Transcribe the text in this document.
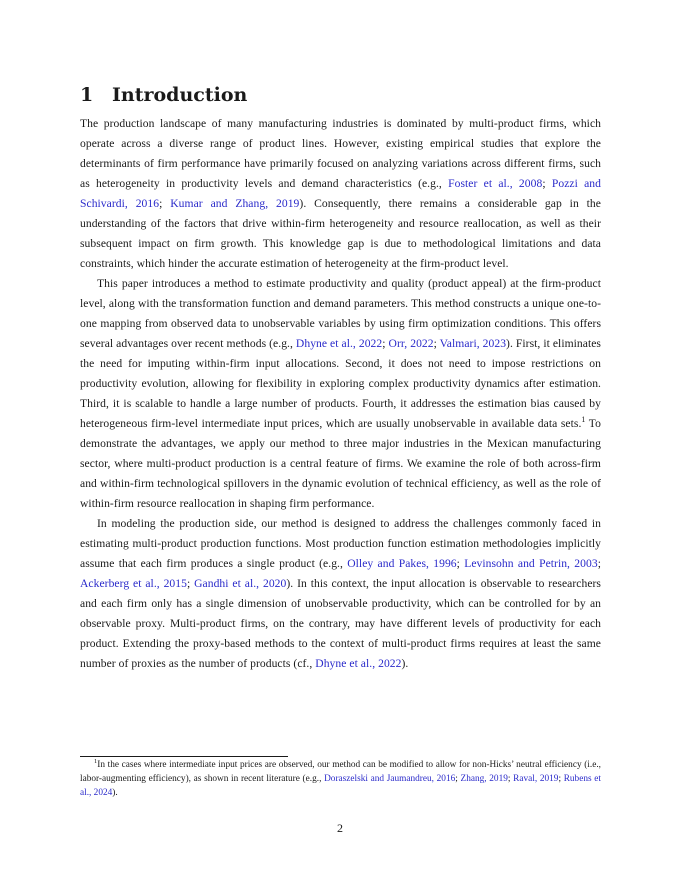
1 Introduction

The production landscape of many manufacturing industries is dominated by multi-product firms, which operate across a diverse range of product lines. However, existing empirical studies that explore the determinants of firm performance have primarily focused on analyzing variations across different firms, such as heterogeneity in productivity levels and demand characteristics (e.g., Foster et al., 2008; Pozzi and Schivardi, 2016; Kumar and Zhang, 2019). Consequently, there remains a considerable gap in the understanding of the factors that drive within-firm heterogeneity and resource reallocation, as well as their subsequent impact on firm growth. This knowledge gap is due to methodological limitations and data constraints, which hinder the accurate estimation of heterogeneity at the firm-product level.

This paper introduces a method to estimate productivity and quality (product appeal) at the firm-product level, along with the transformation function and demand parameters. This method constructs a unique one-to-one mapping from observed data to unobservable variables by using firm optimization conditions. This offers several advantages over recent methods (e.g., Dhyne et al., 2022; Orr, 2022; Valmari, 2023). First, it eliminates the need for imputing within-firm input allocations. Second, it does not need to impose restrictions on productivity evolution, allowing for flexibility in exploring complex productivity dynamics after estimation. Third, it is scalable to handle a large number of products. Fourth, it addresses the estimation bias caused by heterogeneous firm-level intermediate input prices, which are usually unobservable in available data sets.$^1$ To demonstrate the advantages, we apply our method to three major industries in the Mexican manufacturing sector, where multi-product production is a central feature of firms. We examine the role of both across-firm and within-firm technological spillovers in the dynamic evolution of technical efficiency, as well as the role of within-firm resource reallocation in shaping firm performance.

In modeling the production side, our method is designed to address the challenges commonly faced in estimating multi-product production functions. Most production function estimation methodologies implicitly assume that each firm produces a single product (e.g., Olley and Pakes, 1996; Levinsohn and Petrin, 2003; Ackerberg et al., 2015; Gandhi et al., 2020). In this context, the input allocation is observable to researchers and each firm only has a single dimension of unobservable productivity, which can be controlled for by an observable proxy. Multi-product firms, on the contrary, may have different levels of productivity for each product. Extending the proxy-based methods to the context of multi-product firms requires at least the same number of proxies as the number of products (cf., Dhyne et al., 2022).

$^1$In the cases where intermediate input prices are observed, our method can be modified to allow for non-Hicks’ neutral efficiency (i.e., labor-augmenting efficiency), as shown in recent literature (e.g., Doraszelski and Jaumandreu, 2016; Zhang, 2019; Raval, 2019; Rubens et al., 2024).
2
